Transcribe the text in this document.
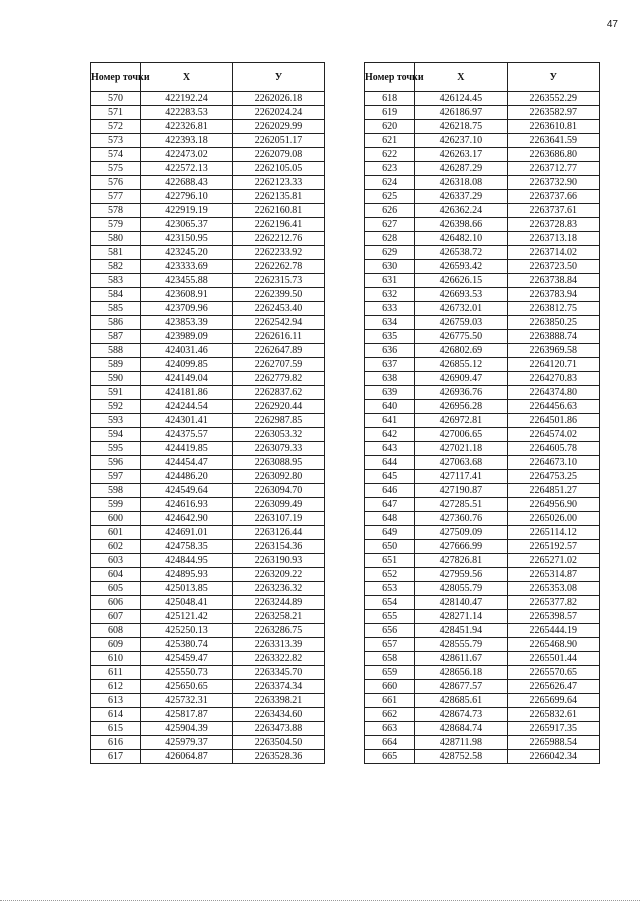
47
Номер точки	Х	У
570	422192.24	2262026.18
571	422283.53	2262024.24
572	422326.81	2262029.99
573	422393.18	2262051.17
574	422473.02	2262079.08
575	422572.13	2262105.05
576	422688.43	2262123.33
577	422796.10	2262135.81
578	422919.19	2262160.81
579	423065.37	2262196.41
580	423150.95	2262212.76
581	423245.20	2262233.92
582	423333.69	2262262.78
583	423455.88	2262315.73
584	423608.91	2262399.50
585	423709.96	2262453.40
586	423853.39	2262542.94
587	423989.09	2262616.11
588	424031.46	2262647.89
589	424099.85	2262707.59
590	424149.04	2262779.82
591	424181.86	2262837.62
592	424244.54	2262920.44
593	424301.41	2262987.85
594	424375.57	2263053.32
595	424419.85	2263079.33
596	424454.47	2263088.95
597	424486.20	2263092.80
598	424549.64	2263094.70
599	424616.93	2263099.49
600	424642.90	2263107.19
601	424691.01	2263126.44
602	424758.35	2263154.36
603	424844.95	2263190.93
604	424895.93	2263209.22
605	425013.85	2263236.32
606	425048.41	2263244.89
607	425121.42	2263258.21
608	425250.13	2263286.75
609	425380.74	2263313.39
610	425459.47	2263322.82
611	425550.73	2263345.70
612	425650.65	2263374.34
613	425732.31	2263398.21
614	425817.87	2263434.60
615	425904.39	2263473.88
616	425979.37	2263504.50
617	426064.87	2263528.36
Номер точки	Х	У
618	426124.45	2263552.29
619	426186.97	2263582.97
620	426218.75	2263610.81
621	426237.10	2263641.59
622	426263.17	2263686.80
623	426287.29	2263712.77
624	426318.08	2263732.90
625	426337.29	2263737.66
626	426362.24	2263737.61
627	426398.66	2263728.83
628	426482.10	2263713.18
629	426538.72	2263714.02
630	426593.42	2263723.50
631	426626.15	2263738.84
632	426693.53	2263783.94
633	426732.01	2263812.75
634	426759.03	2263850.25
635	426775.50	2263888.74
636	426802.69	2263969.58
637	426855.12	2264120.71
638	426909.47	2264270.83
639	426936.76	2264374.80
640	426956.28	2264456.63
641	426972.81	2264501.86
642	427006.65	2264574.02
643	427021.18	2264605.78
644	427063.68	2264673.10
645	427117.41	2264753.25
646	427190.87	2264851.27
647	427285.51	2264956.90
648	427360.76	2265026.00
649	427509.09	2265114.12
650	427666.99	2265192.57
651	427826.81	2265271.02
652	427959.56	2265314.87
653	428055.79	2265353.08
654	428140.47	2265377.82
655	428271.14	2265398.57
656	428451.94	2265444.19
657	428555.79	2265468.90
658	428611.67	2265501.44
659	428656.18	2265570.65
660	428677.57	2265626.47
661	428685.61	2265699.64
662	428674.73	2265832.61
663	428684.74	2265917.35
664	428711.98	2265988.54
665	428752.58	2266042.34
